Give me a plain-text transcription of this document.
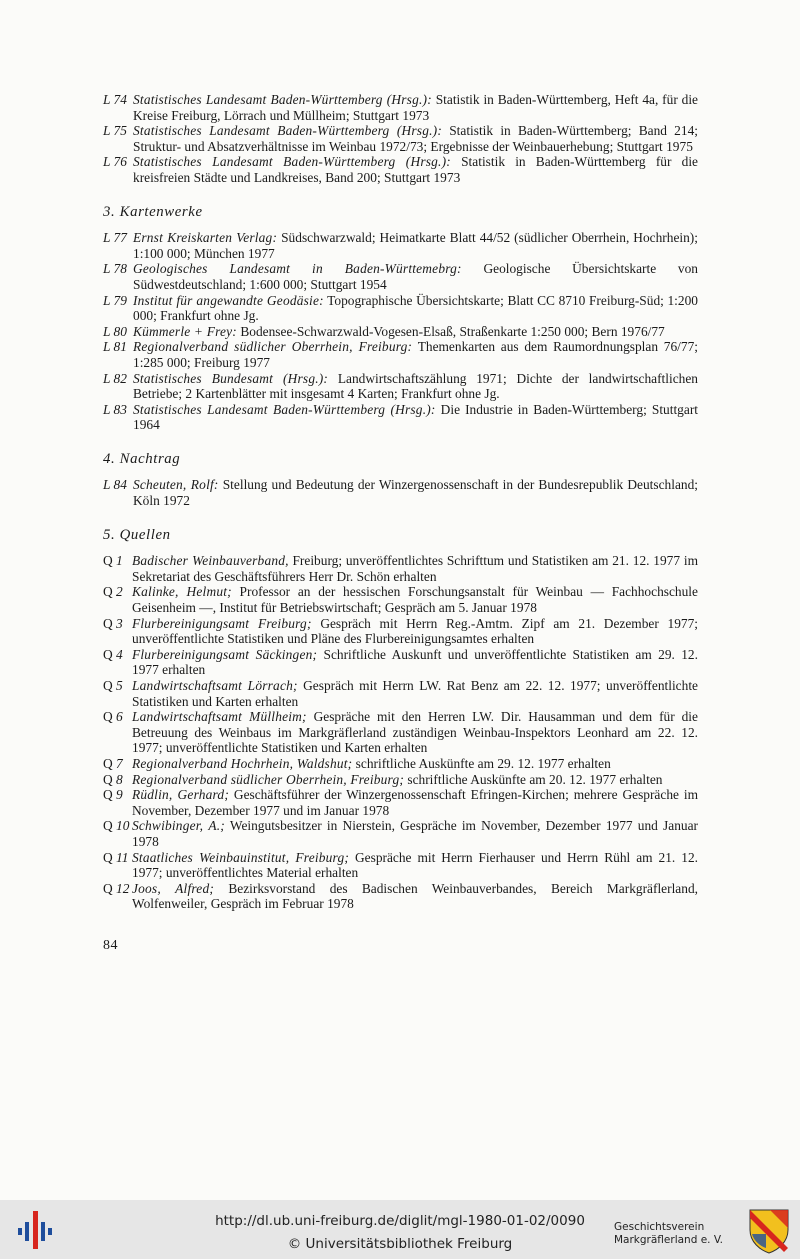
L 74 Statistisches Landesamt Baden-Württemberg (Hrsg.): Statistik in Baden-Württemberg, Heft 4a, für die Kreise Freiburg, Lörrach und Müllheim; Stuttgart 1973
L 75 Statistisches Landesamt Baden-Württemberg (Hrsg.): Statistik in Baden-Württemberg; Band 214; Struktur- und Absatzverhältnisse im Weinbau 1972/73; Ergebnisse der Weinbauerhebung; Stuttgart 1975
L 76 Statistisches Landesamt Baden-Württemberg (Hrsg.): Statistik in Baden-Württemberg für die kreisfreien Städte und Landkreises, Band 200; Stuttgart 1973
3. Kartenwerke
L 77 Ernst Kreiskarten Verlag: Südschwarzwald; Heimatkarte Blatt 44/52 (südlicher Oberrhein, Hochrhein); 1:100 000; München 1977
L 78 Geologisches Landesamt in Baden-Württemebrg: Geologische Übersichtskarte von Südwestdeutschland; 1:600 000; Stuttgart 1954
L 79 Institut für angewandte Geodäsie: Topographische Übersichtskarte; Blatt CC 8710 Freiburg-Süd; 1:200 000; Frankfurt ohne Jg.
L 80 Kümmerle + Frey: Bodensee-Schwarzwald-Vogesen-Elsaß, Straßenkarte 1:250 000; Bern 1976/77
L 81 Regionalverband südlicher Oberrhein, Freiburg: Themenkarten aus dem Raumordnungsplan 76/77; 1:285 000; Freiburg 1977
L 82 Statistisches Bundesamt (Hrsg.): Landwirtschaftszählung 1971; Dichte der landwirtschaftlichen Betriebe; 2 Kartenblätter mit insgesamt 4 Karten; Frankfurt ohne Jg.
L 83 Statistisches Landesamt Baden-Württemberg (Hrsg.): Die Industrie in Baden-Württemberg; Stuttgart 1964
4. Nachtrag
L 84 Scheuten, Rolf: Stellung und Bedeutung der Winzergenossenschaft in der Bundesrepublik Deutschland; Köln 1972
5. Quellen
Q 1 Badischer Weinbauverband, Freiburg; unveröffentlichtes Schrifttum und Statistiken am 21. 12. 1977 im Sekretariat des Geschäftsführers Herr Dr. Schön erhalten
Q 2 Kalinke, Helmut; Professor an der hessischen Forschungsanstalt für Weinbau — Fachhochschule Geisenheim —, Institut für Betriebswirtschaft; Gespräch am 5. Januar 1978
Q 3 Flurbereinigungsamt Freiburg; Gespräch mit Herrn Reg.-Amtm. Zipf am 21. Dezember 1977; unveröffentlichte Statistiken und Pläne des Flurbereinigungsamtes erhalten
Q 4 Flurbereinigungsamt Säckingen; Schriftliche Auskunft und unveröffentlichte Statistiken am 29. 12. 1977 erhalten
Q 5 Landwirtschaftsamt Lörrach; Gespräch mit Herrn LW. Rat Benz am 22. 12. 1977; unveröffentlichte Statistiken und Karten erhalten
Q 6 Landwirtschaftsamt Müllheim; Gespräche mit den Herren LW. Dir. Hausamman und dem für die Betreuung des Weinbaus im Markgräflerland zuständigen Weinbau-Inspektors Leonhard am 22. 12. 1977; unveröffentlichte Statistiken und Karten erhalten
Q 7 Regionalverband Hochrhein, Waldshut; schriftliche Auskünfte am 29. 12. 1977 erhalten
Q 8 Regionalverband südlicher Oberrhein, Freiburg; schriftliche Auskünfte am 20. 12. 1977 erhalten
Q 9 Rüdlin, Gerhard; Geschäftsführer der Winzergenossenschaft Efringen-Kirchen; mehrere Gespräche im November, Dezember 1977 und im Januar 1978
Q 10 Schwibinger, A.; Weingutsbesitzer in Nierstein, Gespräche im November, Dezember 1977 und Januar 1978
Q 11 Staatliches Weinbauinstitut, Freiburg; Gespräche mit Herrn Fierhauser und Herrn Rühl am 21. 12. 1977; unveröffentlichtes Material erhalten
Q 12 Joos, Alfred; Bezirksvorstand des Badischen Weinbauverbandes, Bereich Markgräflerland, Wolfenweiler, Gespräch im Februar 1978
84
http://dl.ub.uni-freiburg.de/diglit/mgl-1980-01-02/0090
© Universitätsbibliothek Freiburg
Geschichtsverein
Markgräflerland e. V.
